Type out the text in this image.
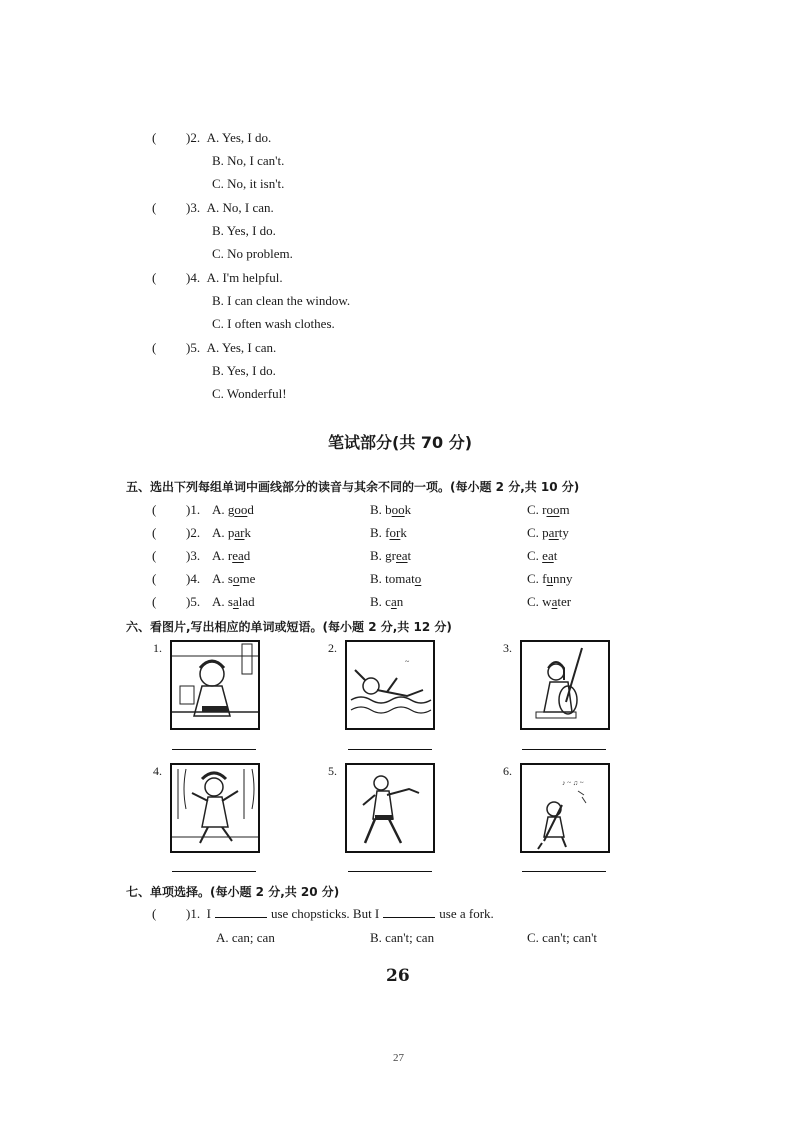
( )2. A. Yes, I do.
B. No, I can't.
C. No, it isn't.
( )3. A. No, I can.
B. Yes, I do.
C. No problem.
( )4. A. I'm helpful.
B. I can clean the window.
C. I often wash clothes.
( )5. A. Yes, I can.
B. Yes, I do.
C. Wonderful!
笔试部分(共 70 分)
五、选出下列每组单词中画线部分的读音与其余不同的一项。(每小题 2 分,共 10 分)
( )1. A. good	B. book	C. room
( )2. A. park	B. fork	C. party
( )3. A. read	B. great	C. eat
( )4. A. some	B. tomato	C. funny
( )5. A. salad	B. can	C. water
六、看图片,写出相应的单词或短语。(每小题 2 分,共 12 分)
1.	2.
~
3.
4.	5.	6.
♪ ~ ♫ ~
七、单项选择。(每小题 2 分,共 20 分)
( )1. I	use chopsticks. But I	use a fork.
A. can; can	B. can't; can	C. can't; can't
26
27
